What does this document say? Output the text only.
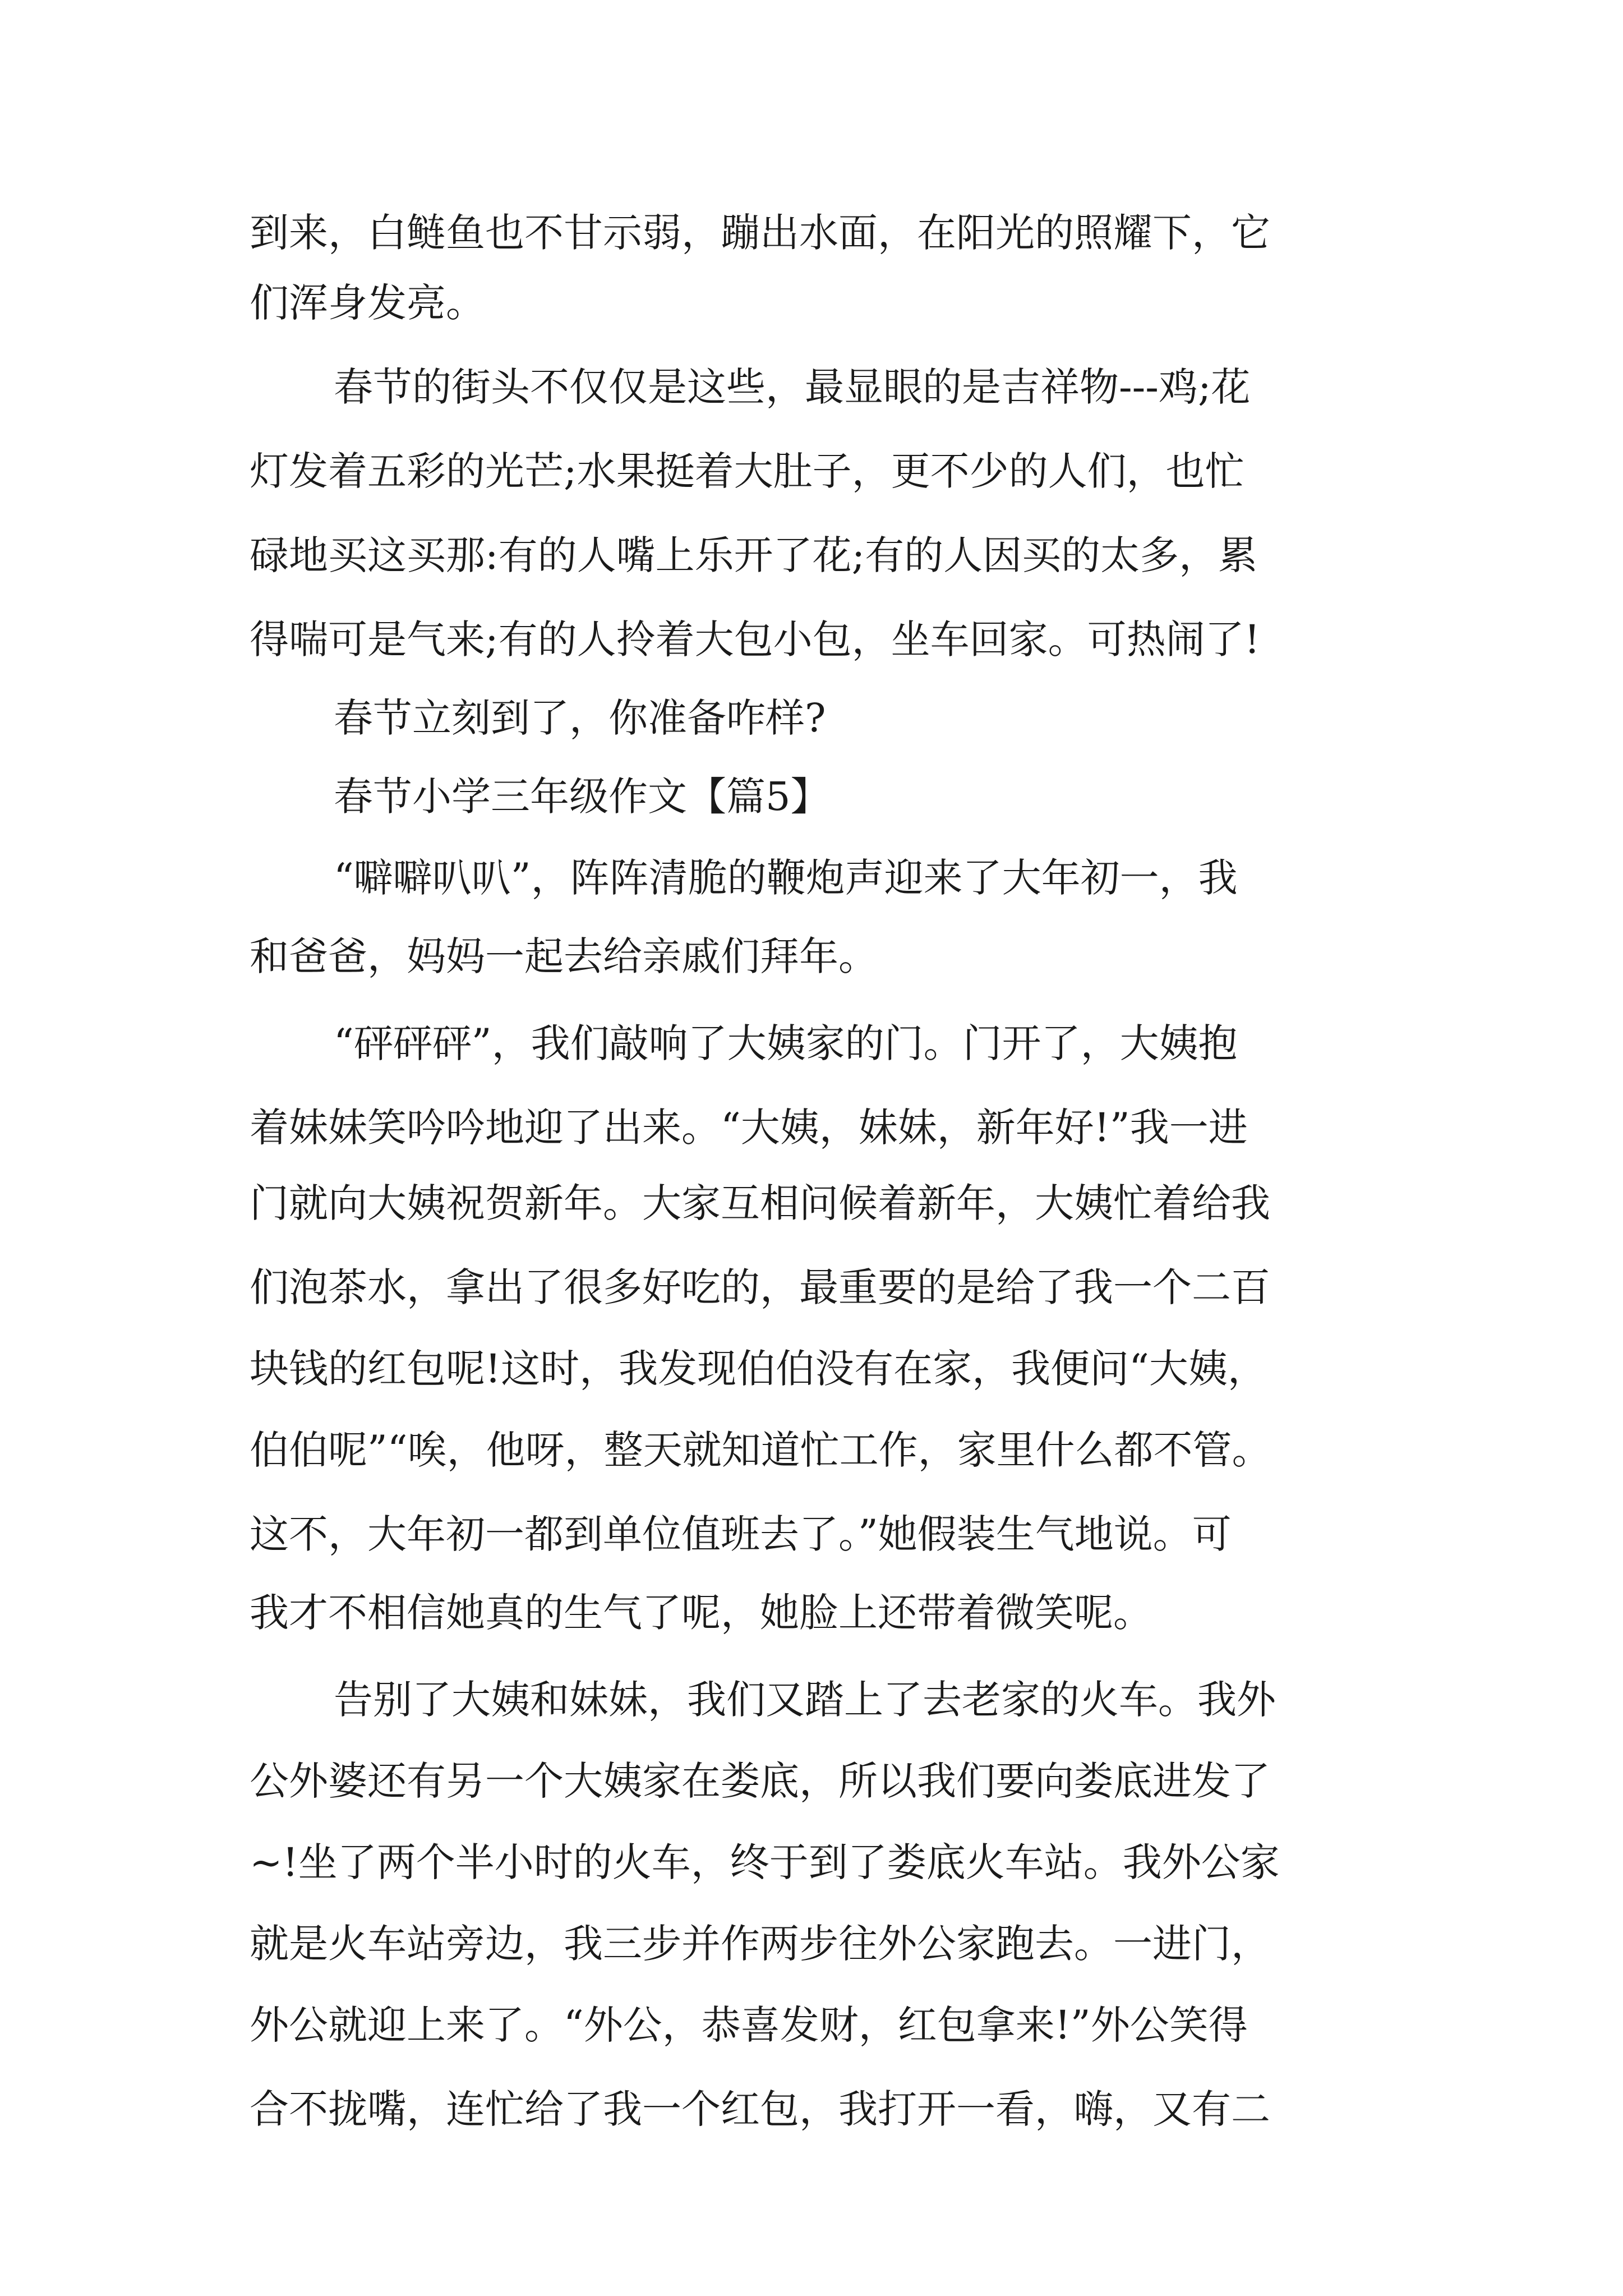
到来，白鲢鱼也不甘示弱，蹦出水面，在阳光的照耀下，它
们浑身发亮。
春节的街头不仅仅是这些，最显眼的是吉祥物---鸡;花
灯发着五彩的光芒;水果挺着大肚子，更不少的人们，也忙
碌地买这买那:有的人嘴上乐开了花;有的人因买的太多，累
得喘可是气来;有的人拎着大包小包，坐车回家。可热闹了!
春节立刻到了，你准备咋样?
春节小学三年级作文【篇5】
“噼噼叭叭”，阵阵清脆的鞭炮声迎来了大年初一，我
和爸爸，妈妈一起去给亲戚们拜年。
“砰砰砰”，我们敲响了大姨家的门。门开了，大姨抱
着妹妹笑吟吟地迎了出来。“大姨，妹妹，新年好!”我一进
门就向大姨祝贺新年。大家互相问候着新年，大姨忙着给我
们泡茶水，拿出了很多好吃的，最重要的是给了我一个二百
块钱的红包呢!这时，我发现伯伯没有在家，我便问“大姨，
伯伯呢”“唉，他呀，整天就知道忙工作，家里什么都不管。
这不，大年初一都到单位值班去了。”她假装生气地说。可
我才不相信她真的生气了呢，她脸上还带着微笑呢。
告别了大姨和妹妹，我们又踏上了去老家的火车。我外
公外婆还有另一个大姨家在娄底，所以我们要向娄底进发了
~!坐了两个半小时的火车，终于到了娄底火车站。我外公家
就是火车站旁边，我三步并作两步往外公家跑去。一进门，
外公就迎上来了。“外公，恭喜发财，红包拿来!”外公笑得
合不拢嘴，连忙给了我一个红包，我打开一看，嗨，又有二
